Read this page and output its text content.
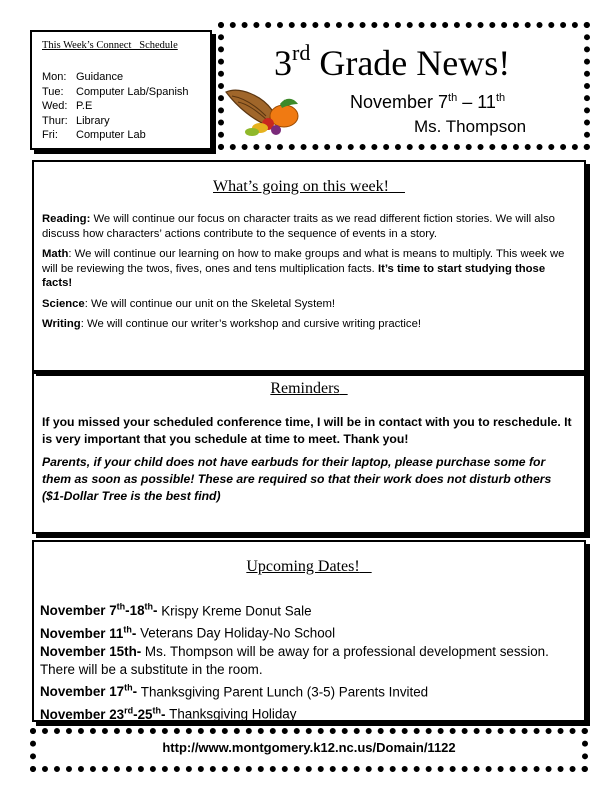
This Week’s Connect   Schedule
Mon: Guidance
Tue:	Computer Lab/Spanish
Wed: P.E
Thur: Library
Fri:	Computer Lab
3rd Grade News!
November 7th – 11th
Ms. Thompson
What’s going on this week!

Reading: We will continue our focus on character traits as we read different fiction stories. We will also discuss how characters’ actions contribute to the sequence of events in a story.

Math: We will continue our learning on how to make groups and what is means to multiply. This week we will be reviewing the twos, fives, ones and tens multiplication facts. It’s time to start studying those facts!

Science: We will continue our unit on the Skeletal System!

Writing: We will continue our writer’s workshop and cursive writing practice!

Reminders

If you missed your scheduled conference time, I will be in contact with you to reschedule. It is very important that you schedule at time to meet. Thank you!

Parents, if your child does not have earbuds for their laptop, please purchase some for them as soon as possible! These are required so that their work does not disturb others ($1-Dollar Tree is the best find)

Upcoming Dates!
November 7th-18th- Krispy Kreme Donut Sale
November 11th- Veterans Day Holiday-No School
November 15th- Ms. Thompson will be away for a professional development session. There will be a substitute in the room.
November 17th- Thanksgiving Parent Lunch (3-5) Parents Invited
November 23rd-25th- Thanksgiving Holiday
http://www.montgomery.k12.nc.us/Domain/1122
